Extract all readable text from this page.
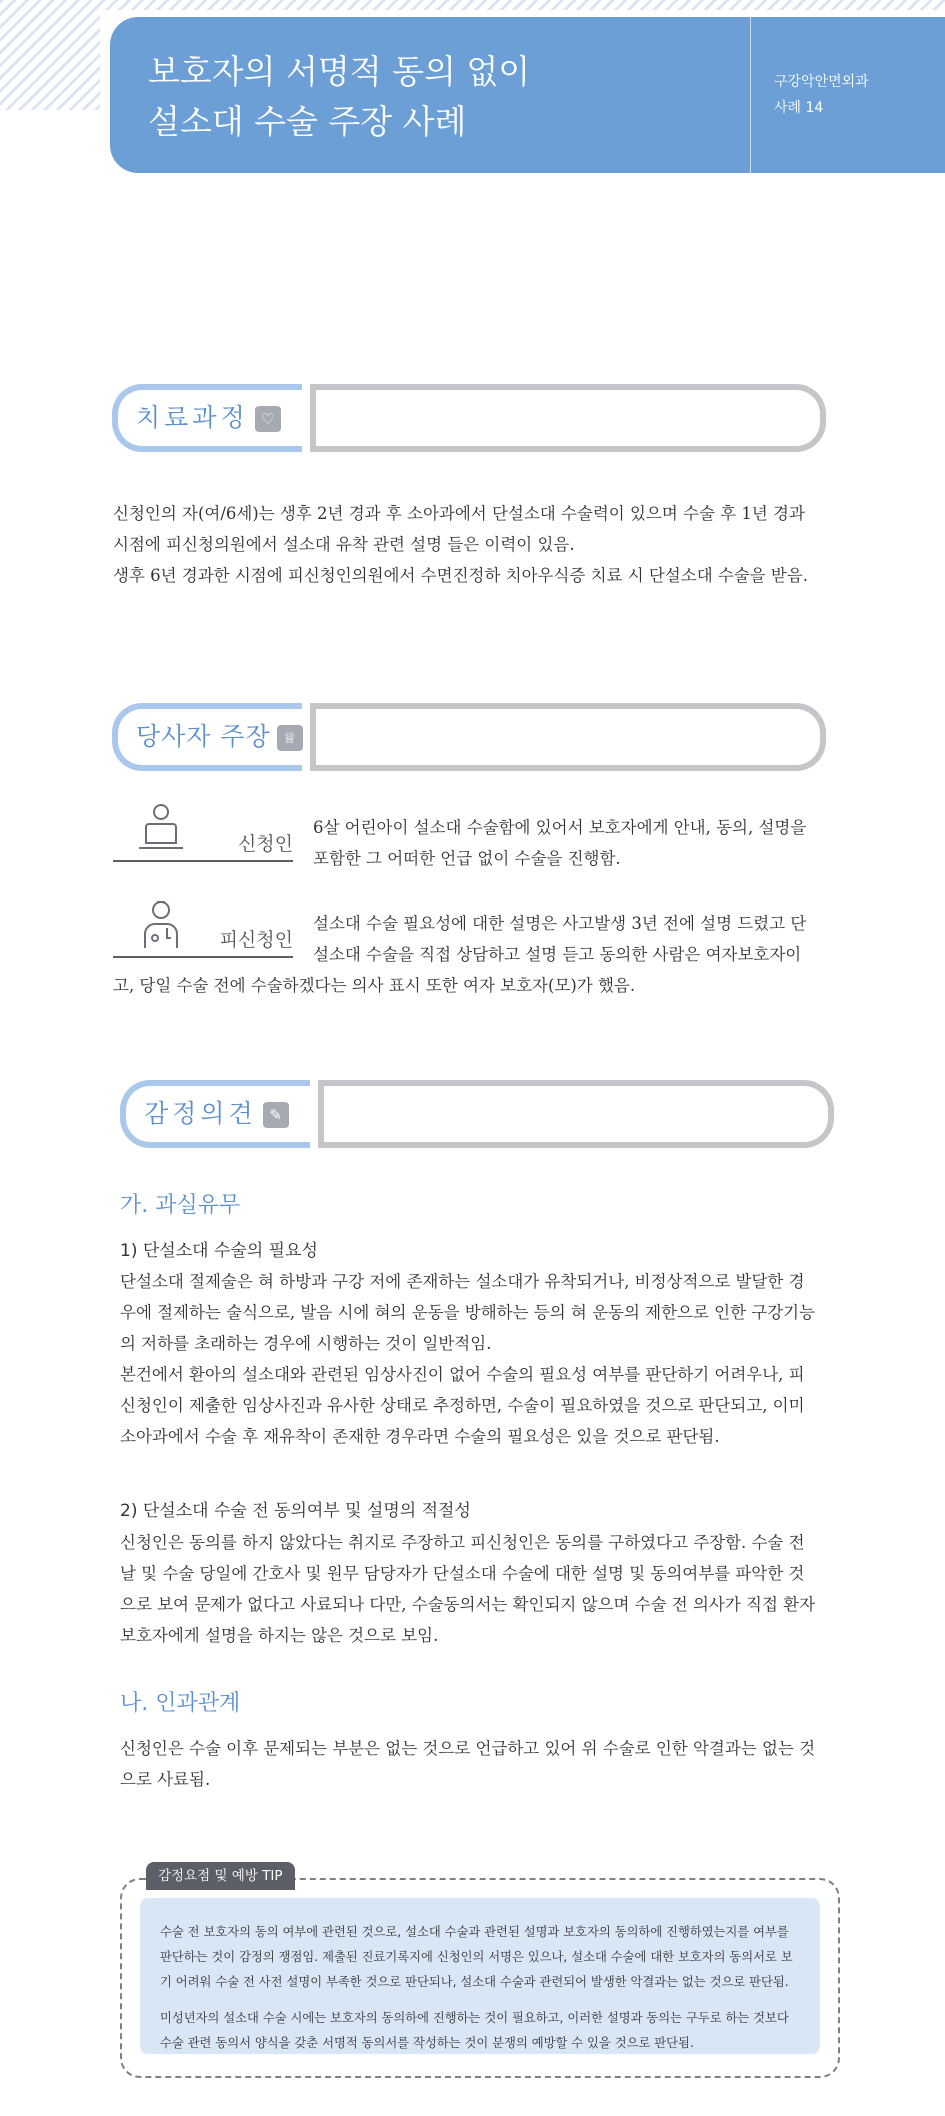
보호자의 서명적 동의 없이
설소대 수술 주장 사례
구강악안면외과
사례 14
치료과정 ♡
신청인의 자(여/6세)는 생후 2년 경과 후 소아과에서 단설소대 수술력이 있으며 수술 후 1년 경과
시점에 피신청의원에서 설소대 유착 관련 설명 들은 이력이 있음.
생후 6년 경과한 시점에 피신청인의원에서 수면진정하 치아우식증 치료 시 단설소대 수술을 받음.
당사자 주장 ♕
신청인
6살 어린아이 설소대 수술함에 있어서 보호자에게 안내, 동의, 설명을
포함한 그 어떠한 언급 없이 수술을 진행함.
피신청인
설소대 수술 필요성에 대한 설명은 사고발생 3년 전에 설명 드렸고 단
설소대 수술을 직접 상담하고 설명 듣고 동의한 사람은 여자보호자이
고, 당일 수술 전에 수술하겠다는 의사 표시 또한 여자 보호자(모)가 했음.
감정의견 ✎
가. 과실유무
1) 단설소대 수술의 필요성
단설소대 절제술은 혀 하방과 구강 저에 존재하는 설소대가 유착되거나, 비정상적으로 발달한 경
우에 절제하는 술식으로, 발음 시에 혀의 운동을 방해하는 등의 혀 운동의 제한으로 인한 구강기능
의 저하를 초래하는 경우에 시행하는 것이 일반적임.
본건에서 환아의 설소대와 관련된 임상사진이 없어 수술의 필요성 여부를 판단하기 어려우나, 피
신청인이 제출한 임상사진과 유사한 상태로 추정하면, 수술이 필요하였을 것으로 판단되고, 이미
소아과에서 수술 후 재유착이 존재한 경우라면 수술의 필요성은 있을 것으로 판단됨.
2) 단설소대 수술 전 동의여부 및 설명의 적절성
신청인은 동의를 하지 않았다는 취지로 주장하고 피신청인은 동의를 구하였다고 주장함. 수술 전
날 및 수술 당일에 간호사 및 원무 담당자가 단설소대 수술에 대한 설명 및 동의여부를 파악한 것
으로 보여 문제가 없다고 사료되나 다만, 수술동의서는 확인되지 않으며 수술 전 의사가 직접 환자
보호자에게 설명을 하지는 않은 것으로 보임.
나. 인과관계
신청인은 수술 이후 문제되는 부분은 없는 것으로 언급하고 있어 위 수술로 인한 악결과는 없는 것
으로 사료됨.

수술 전 보호자의 동의 여부에 관련된 것으로, 설소대 수술과 관련된 설명과 보호자의 동의하에 진행하였는지를 여부를
판단하는 것이 감정의 쟁점임. 제출된 진료기록지에 신청인의 서명은 있으나, 설소대 수술에 대한 보호자의 동의서로 보
기 어려워 수술 전 사전 설명이 부족한 것으로 판단되나, 설소대 수술과 관련되어 발생한 악결과는 없는 것으로 판단됨.

미성년자의 설소대 수술 시에는 보호자의 동의하에 진행하는 것이 필요하고, 이러한 설명과 동의는 구두로 하는 것보다
수술 관련 동의서 양식을 갖춘 서명적 동의서를 작성하는 것이 분쟁의 예방할 수 있을 것으로 판단됨.

감정요점 및 예방 TIP
